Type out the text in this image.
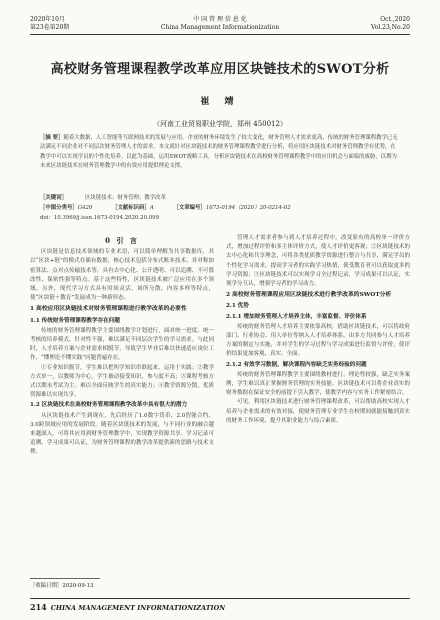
2020年10月
第23卷第20期
中 国 管 理 信 息 化
China Management Informationization
Oct.,2020
Vol.23,No.20
高校财务管理课程教学改革应用区块链技术的SWOT分析
崔 靖
（河南工业贸易职业学院，郑州 450012）
［摘 要］随着大数据、人工智能等互联网技术的发展与应用，企业的财务环境发生了较大变化，财务管理人才需求更高，传统的财务管理课程教学已无法满足不同企业对不同层次财务管理人才的需求。本文就针对区块链技术的财务管理课程教学进行分析，将应用区块链技术对财务管理教学有优势，在教学中可以实现学员的个性化培养。以此为基础，运用SWOT战略工具，分析区块链技术在高校财务管理课程教学中的应用机会与面临的威胁，以期为未来区块链技术在财务管理教学中的有效应用提供理论支撑。
［关键词］	区块链技术；财务管理；教学改革
［中图分类号］G420	［文献标识码］A	［文章编号］1673-0194（2020）20-0214-02
doi：10.3969/j.issn.1673-0194.2020.20.099
0 引 言

区块链是信息技术领域的专业术语，可以简单理解为共享数据库，其以“区块+链”的模式存储有数据，核心技术包括分布式账本技术、非对称加密算法、点对点传输技术等，具有去中心化、公开透明、可以追溯、不可篡改性、保密性强等特点。基于这些特性，区块链技术被广泛应用在多个领域。另外，现代学习方式具有时间灵活、场所分散、内容多样等特点，使“区块链＋教育”发展成为一种新形态。

1 高校应用区块链技术对财务管理课程进行教学改革的必要性
1.1 传统财务管理课程教学存在问题

传统的财务管理课程教学主要围绕教学计划进行，面对统一进度、统一考核的培养模式，针对性不强，难以满足不同层次学生的学习需求。与此同时，人才培养方案与企业需求相脱节，导致学生毕业后难以快速适应岗位工作，“懂理论不懂实践”问题普遍存在。

①专业知识脱节，学生难以把所学知识串联起来，运用于实践；②教学方式单一，以教师为中心，学生被动接受知识，参与度不高；③课程考核方式以期末考试为主，难以全面反映学生的真实能力；④教学资源分散，优质资源难以实现共享。

1.2 区块链技术在高校财务管理课程教学改革中具有很大的潜力

从区块链技术产生到现在，先后经历了1.0数字货币、2.0智能合约、3.0跨领域应用的发展阶段。随着区块链技术的发展，与不同行业的融合越来越深入，可将其应用到财务管理教学中，实现教学资源共享、学习记录可追溯、学习成果可认证，为财务管理课程的教学改革提供新的思路与技术支撑。

管理人才需求者参与到人才培养过程中，改变原有的高校单一评价方式，增加过程评价和多主体评价方式，使人才评价更客观；②区块链技术的去中心化和共享理念，可将各类优质教学资源进行整合与共享，满足学员的个性化学习需求，提高学习者的实践学习热情，使受教育者可以获取更多的学习资源；③区块链技术可以实现学习全过程记录，学习成果可以认证，实现学分互认，增强学习者的学习动力。

2 高校财务管理课程应用区块链技术进行教学改革的SWOT分析
2.1 优势
2.1.1 增加财务管理人才培养主体，丰富监督、评价体系

传统的财务管理人才培养主要依靠高校，借助区块链技术，可以将政府部门、行业协会、用人单位等纳入人才培养体系，由多方共同参与人才培养方案的制定与实施，并对学生的学习过程与学习成果进行监督与评价，使评价结果更加客观、真实、全面。

2.1.2 有效学习数据，解决课程内容缺乏实务经验的问题

传统的财务管理课程教学主要围绕教材进行，理论性较强，缺乏实务案例，学生难以真正掌握财务管理的实务技能。区块链技术可以将企业真实的财务数据在保证安全的前提下引入教学，使教学内容与实务工作紧密结合。

可见，利用区块链技术进行财务管理课程改革，可以帮助高校实现人才培养与企业需求的有效对接，使财务管理专业学生在校期间就能接触到真实的财务工作环境，提升其职业能力与综合素质。

［收稿日期］2020-09-13
214 CHINA MANAGEMENT INFORMATIONIZATION
